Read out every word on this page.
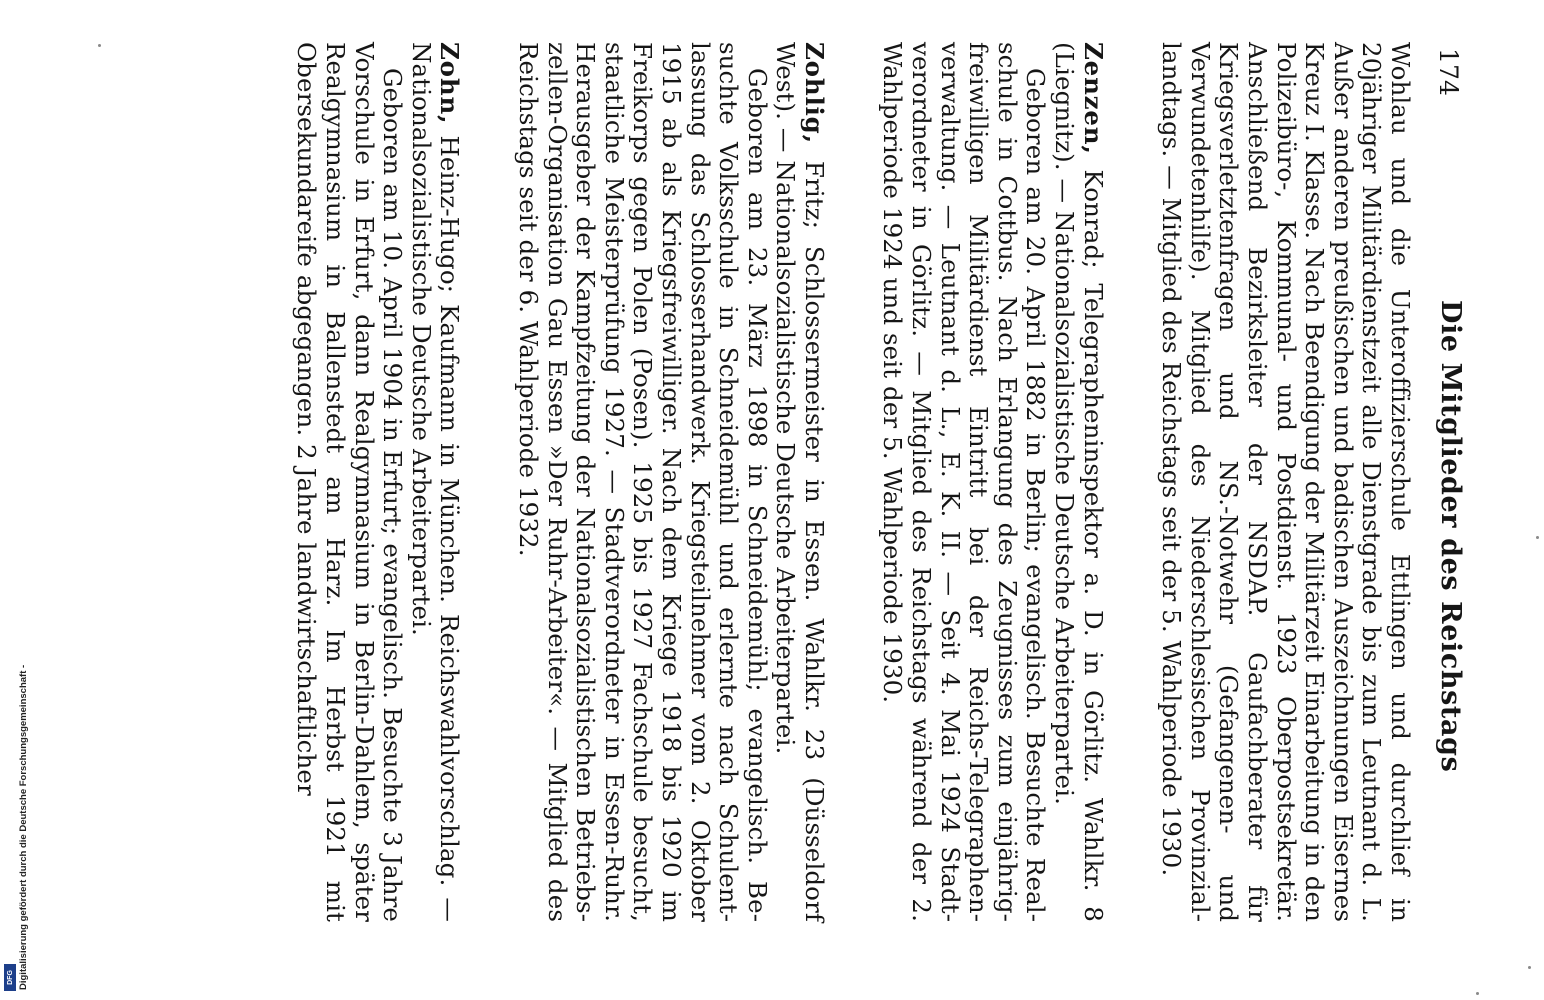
174
Die Mitglieder des Reichstags

Wohlau und die Unteroffizierschule Ettlingen und durchlief in 20jähriger Militärdienstzeit alle Dienstgrade bis zum Leutnant d. L. Außer anderen preußischen und badischen Auszeichnungen Eisernes Kreuz I. Klasse. Nach Beendigung der Militärzeit Einarbeitung in den Polizeibüro-, Kommunal- und Postdienst. 1923 Oberpostsekretär. Anschließend Bezirksleiter der NSDAP. Gaufachberater für Kriegsverletztenfragen und NS.-Notwehr (Gefangenen- und Verwundetenhilfe). Mitglied des Niederschlesischen Provinziallandtags. — Mitglied des Reichstags seit der 5. Wahlperiode 1930.

Zenzen, Konrad; Telegrapheninspektor a. D. in Görlitz. Wahlkr. 8 (Liegnitz). — Nationalsozialistische Deutsche Arbeiterpartei.

Geboren am 20. April 1882 in Berlin; evangelisch. Besuchte Realschule in Cottbus. Nach Erlangung des Zeugnisses zum einjährig-freiwilligen Militärdienst Eintritt bei der Reichs-Telegraphenverwaltung. — Leutnant d. L., E. K. II. — Seit 4. Mai 1924 Stadtverordneter in Görlitz. — Mitglied des Reichstags während der 2. Wahlperiode 1924 und seit der 5. Wahlperiode 1930.

Zohlig, Fritz; Schlossermeister in Essen. Wahlkr. 23 (Düsseldorf West). — Nationalsozialistische Deutsche Arbeiterpartei.

Geboren am 23. März 1898 in Schneidemühl; evangelisch. Besuchte Volksschule in Schneidemühl und erlernte nach Schulentlassung das Schlosserhandwerk. Kriegsteilnehmer vom 2. Oktober 1915 ab als Kriegsfreiwilliger. Nach dem Kriege 1918 bis 1920 im Freikorps gegen Polen (Posen). 1925 bis 1927 Fachschule besucht, staatliche Meisterprüfung 1927. — Stadtverordneter in Essen-Ruhr. Herausgeber der Kampfzeitung der Nationalsozialistischen Betriebszellen-Organisation Gau Essen »Der Ruhr-Arbeiter«. — Mitglied des Reichstags seit der 6. Wahlperiode 1932.

Zohn, Heinz-Hugo; Kaufmann in München. Reichswahlvorschlag. — Nationalsozialistische Deutsche Arbeiterpartei.

Geboren am 10. April 1904 in Erfurt; evangelisch. Besuchte 3 Jahre Vorschule in Erfurt, dann Realgymnasium in Berlin-Dahlem, später Realgymnasium in Ballenstedt am Harz. Im Herbst 1921 mit Obersekundareife abgegangen. 2 Jahre landwirtschaftlicher

Digitalisierung gefördert durch die Deutsche Forschungsgemeinschaft -
DFG
